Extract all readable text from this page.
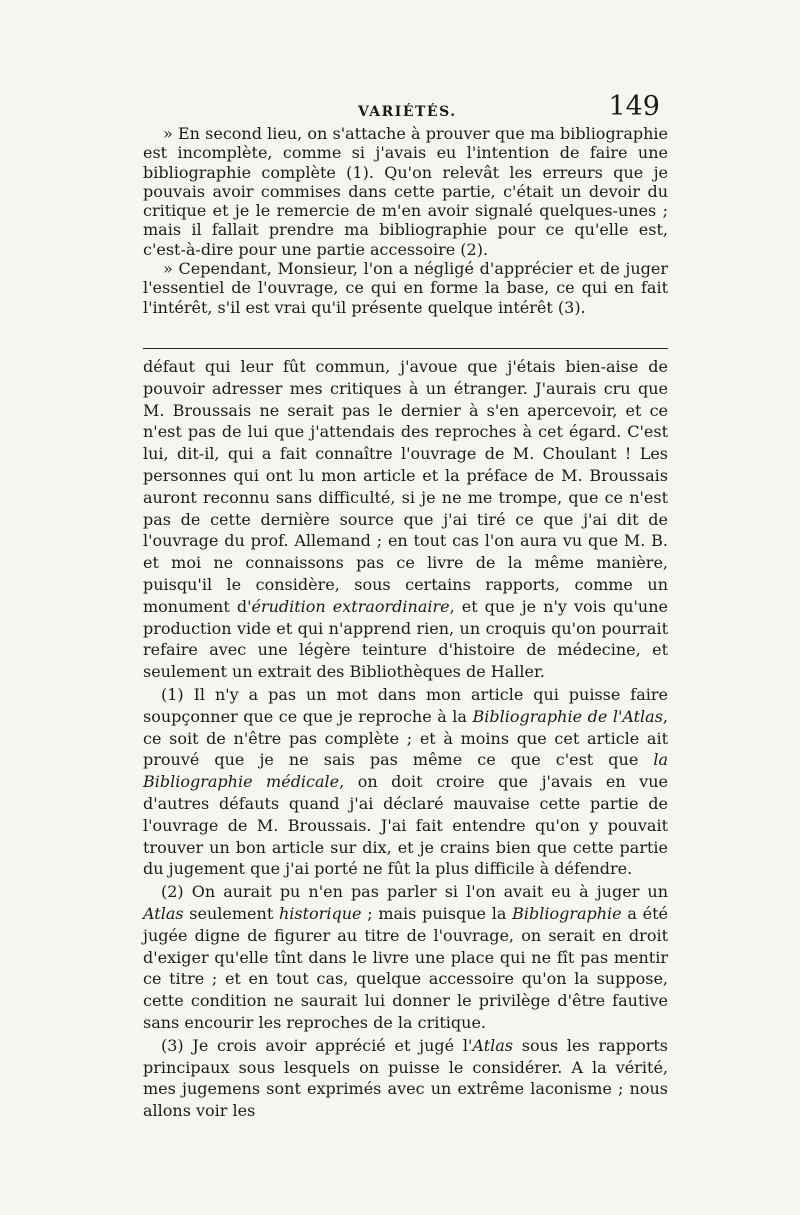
VARIÉTÉS.	149

» En second lieu, on s'attache à prouver que ma bibliographie est incomplète, comme si j'avais eu l'intention de faire une bibliographie complète (1). Qu'on relevât les erreurs que je pouvais avoir commises dans cette partie, c'était un devoir du critique et je le remercie de m'en avoir signalé quelques-unes ; mais il fallait prendre ma bibliographie pour ce qu'elle est, c'est-à-dire pour une partie accessoire (2).

» Cependant, Monsieur, l'on a négligé d'apprécier et de juger l'essentiel de l'ouvrage, ce qui en forme la base, ce qui en fait l'intérêt, s'il est vrai qu'il présente quelque intérêt (3).

défaut qui leur fût commun, j'avoue que j'étais bien-aise de pouvoir adresser mes critiques à un étranger. J'aurais cru que M. Broussais ne serait pas le dernier à s'en apercevoir, et ce n'est pas de lui que j'attendais des reproches à cet égard. C'est lui, dit-il, qui a fait connaître l'ouvrage de M. Choulant ! Les personnes qui ont lu mon article et la préface de M. Broussais auront reconnu sans difficulté, si je ne me trompe, que ce n'est pas de cette dernière source que j'ai tiré ce que j'ai dit de l'ouvrage du prof. Allemand ; en tout cas l'on aura vu que M. B. et moi ne connaissons pas ce livre de la même manière, puisqu'il le considère, sous certains rapports, comme un monument d'érudition extraordinaire, et que je n'y vois qu'une production vide et qui n'apprend rien, un croquis qu'on pourrait refaire avec une légère teinture d'histoire de médecine, et seulement un extrait des Bibliothèques de Haller.

(1) Il n'y a pas un mot dans mon article qui puisse faire soupçonner que ce que je reproche à la Bibliographie de l'Atlas, ce soit de n'être pas complète ; et à moins que cet article ait prouvé que je ne sais pas même ce que c'est que la Bibliographie médicale, on doit croire que j'avais en vue d'autres défauts quand j'ai déclaré mauvaise cette partie de l'ouvrage de M. Broussais. J'ai fait entendre qu'on y pouvait trouver un bon article sur dix, et je crains bien que cette partie du jugement que j'ai porté ne fût la plus difficile à défendre.

(2) On aurait pu n'en pas parler si l'on avait eu à juger un Atlas seulement historique ; mais puisque la Bibliographie a été jugée digne de figurer au titre de l'ouvrage, on serait en droit d'exiger qu'elle tînt dans le livre une place qui ne fît pas mentir ce titre ; et en tout cas, quelque accessoire qu'on la suppose, cette condition ne saurait lui donner le privilège d'être fautive sans encourir les reproches de la critique.

(3) Je crois avoir apprécié et jugé l'Atlas sous les rapports principaux sous lesquels on puisse le considérer. A la vérité, mes jugemens sont exprimés avec un extrême laconisme ; nous allons voir les
